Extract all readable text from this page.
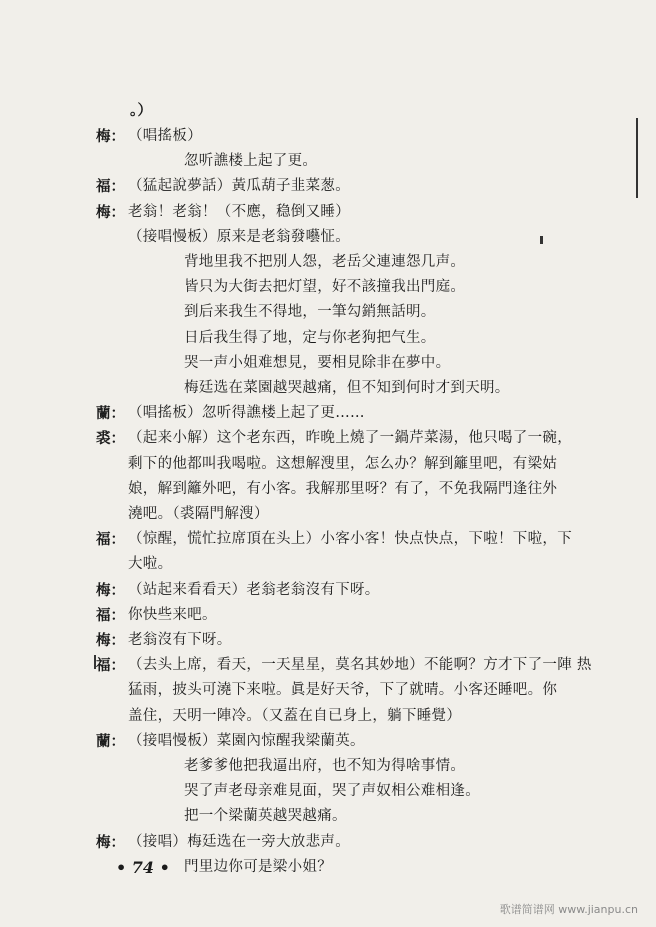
。）
梅： （唱搖板）
忽听譙楼上起了更。
福： （猛起說夢話）黃瓜葫子韭菜葱。
梅： 老翁！老翁！（不應，稳倒又睡）
（接唱慢板）原来是老翁發囈怔。
背地里我不把別人怨，老岳父連連怨几声。
皆只为大街去把灯望，好不該撞我出門庭。
到后来我生不得地，一筆勾銷無話明。
日后我生得了地，定与你老狗把气生。
哭一声小姐难想見，要相見除非在夢中。
梅廷选在菜園越哭越痛，但不知到何时才到天明。
蘭： （唱搖板）忽听得譙楼上起了更……
裘： （起来小解）这个老东西，昨晚上燒了一鍋芹菜湯，他只喝了一碗，
剩下的他都叫我喝啦。这想解溲里，怎么办？解到籬里吧，有梁姑
娘，解到籬外吧，有小客。我解那里呀？有了，不免我隔門逢往外
澆吧。（裘隔門解溲）
福： （惊醒，慌忙拉席頂在头上）小客小客！快点快点，下啦！下啦，下
大啦。
梅： （站起来看看天）老翁老翁沒有下呀。
福： 你快些来吧。
梅： 老翁沒有下呀。
福： （去头上席，看天，一天星星，莫名其妙地）不能啊？方才下了一陣 热
猛雨，披头可澆下来啦。眞是好天爷，下了就晴。小客还睡吧。你
盖住，天明一陣冷。（又蓋在自已身上，躺下睡覺）
蘭： （接唱慢板）菜園內惊醒我梁蘭英。
老爹爹他把我逼出府，也不知为得啥事情。
哭了声老母亲难見面，哭了声奴相公难相逢。
把一个梁蘭英越哭越痛。
梅： （接唱）梅廷选在一旁大放悲声。
門里边你可是梁小姐？
• 74 •
歌谱简谱网 www.jianpu.cn
